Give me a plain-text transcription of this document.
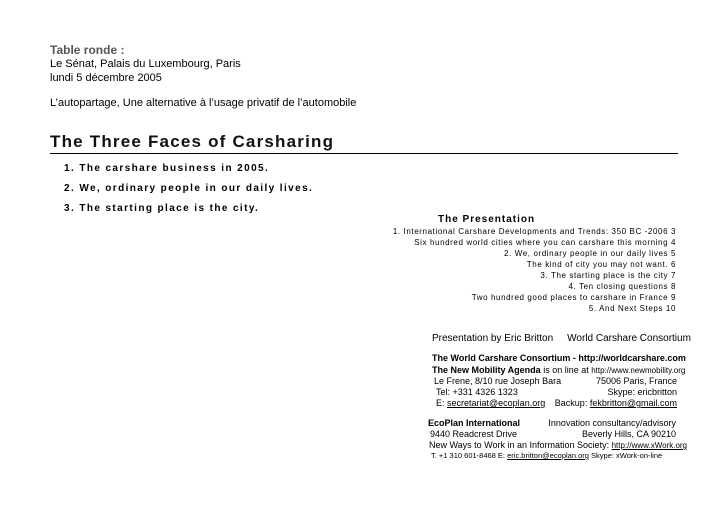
Table ronde :
Le Sénat, Palais du Luxembourg, Paris
lundi 5 décembre 2005
L’autopartage, Une alternative à l’usage privatif de l’automobile
The Three Faces of Carsharing
1. The carshare business in 2005.
2. We, ordinary people in our daily lives.
3. The starting place is the city.
The Presentation
1. International Carshare Developments and Trends: 350 BC -2006 3
Six hundred world cities where you can carshare this morning 4
2. We, ordinary people in our daily lives 5
The kind of city you may not want. 6
3. The starting place is the city 7
4. Ten closing questions 8
Two hundred good places to carshare in France 9
5. And Next Steps 10
Presentation by Eric Britton World Carshare Consortium
The World Carshare Consortium - http://worldcarshare.com
The New Mobility Agenda is on line at http://www.newmobility.org
Le Frene, 8/10 rue Joseph Bara	75006 Paris, France
Tel: +331 4326 1323	Skype: ericbritton
E: secretariat@ecoplan.org Backup: fekbritton@gmail.com
EcoPlan International	Innovation consultancy/advisory
9440 Readcrest Drive	Beverly Hills, CA 90210
New Ways to Work in an Information Society: http://www.xWork.org
T. +1 310 601-8468 E: eric.britton@ecoplan.org Skype: xWork-on-line
